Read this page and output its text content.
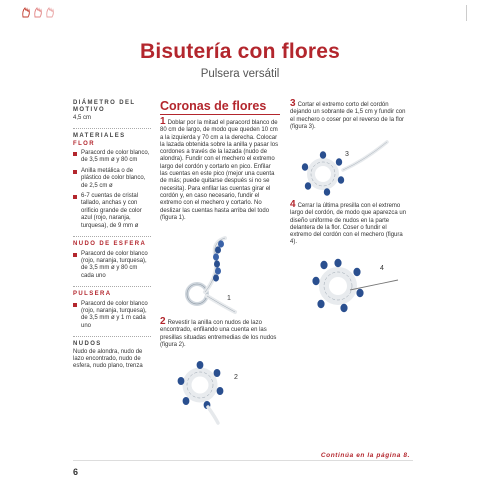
Bisutería con flores
Pulsera versátil
DIÁMETRO DEL MOTIVO
4,5 cm
MATERIALES
FLOR
Paracord de color blanco, de 3,5 mm ø y 80 cm
Anilla metálica o de plástico de color blanco, de 2,5 cm ø
6-7 cuentas de cristal tallado, anchas y con orificio grande de color azul (rojo, naranja, turquesa), de 9 mm ø
NUDO DE ESFERA
Paracord de color blanco (rojo, naranja, turquesa), de 3,5 mm ø y 80 cm cada uno
PULSERA
Paracord de color blanco (rojo, naranja, turquesa), de 3,5 mm ø y 1 m cada uno
NUDOS
Nudo de alondra, nudo de lazo encontrado, nudo de esfera, nudo plano, trenza
Coronas de flores
1 Doblar por la mitad el paracord blanco de 80 cm de largo, de modo que queden 10 cm a la izquierda y 70 cm a la derecha. Colocar la lazada obtenida sobre la anilla y pasar los cordones a través de la lazada (nudo de alondra). Fundir con el mechero el extremo largo del cordón y cortarlo en pico. Enfilar las cuentas en este pico (mejor una cuenta de más; puede quitarse después si no se necesita). Para enfilar las cuentas girar el cordón y, en caso necesario, fundir el extremo con el mechero y cortarlo. No deslizar las cuentas hasta arriba del todo (figura 1).
2 Revestir la anilla con nudos de lazo encontrado, enfilando una cuenta en las presillas situadas entremedias de los nudos (figura 2).
3 Cortar el extremo corto del cordón dejando un sobrante de 1,5 cm y fundir con el mechero o coser por el reverso de la flor (figura 3).
4 Cerrar la última presilla con el extremo largo del cordón, de modo que aparezca un diseño uniforme de nudos en la parte delantera de la flor. Coser o fundir el extremo del cordón con el mechero (figura 4).
1
2
3
4
Continúa en la página 8.
6
